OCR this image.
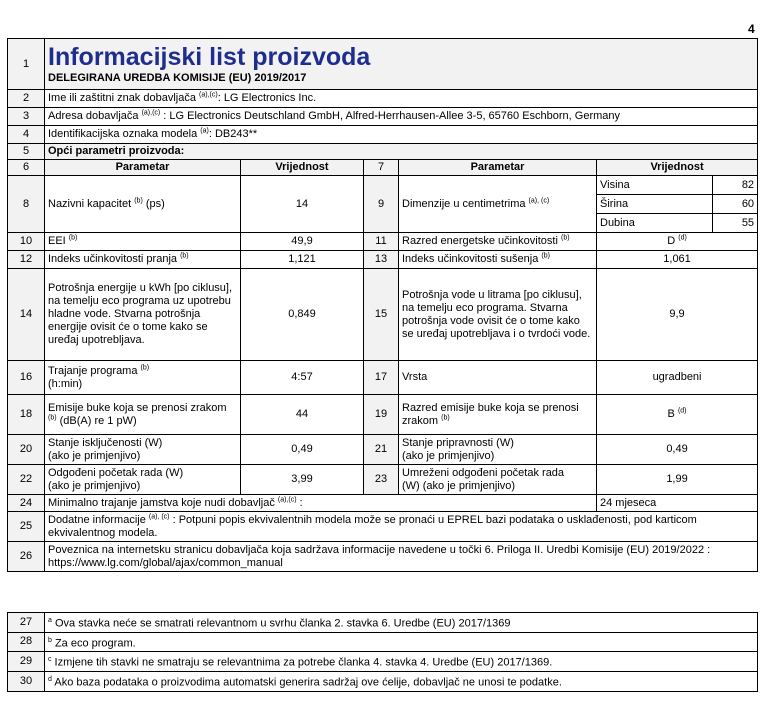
4
1	Informacijski list proizvoda
DELEGIRANA UREDBA KOMISIJE (EU) 2019/2017					

2	Ime ili zaštitni znak dobavljača $^{(a),(c)}$: LG Electronics Inc.					
3	Adresa dobavljača $^{(a),(c)}$ : LG Electronics Deutschland GmbH, Alfred-Herrhausen-Allee 3-5, 65760 Eschborn, Germany					
4	Identifikacijska oznaka modela $^{(a)}$: DB243**					
5	Opći parametri proizvoda:					
6	Parametar	Vrijednost	7	Parametar	Vrijednost	
8	Nazivni kapacitet $^{(b)}$ (ps)	14	9	Dimenzije u centimetrima $^{(a), (c)}$	Visina	82
					Širina	60
					Dubina	55
10	EEI $^{(b)}$	49,9	11	Razred energetske učinkovitosti $^{(b)}$	D $^{(d)}$
12	Indeks učinkovitosti pranja $^{(b)}$	1,121	13	Indeks učinkovitosti sušenja $^{(b)}$	1,061	
14	Potrošnja energije u kWh [po ciklusu], na temelju eco programa uz upotrebu hladne vode. Stvarna potrošnja energije ovisit će o tome kako se uređaj upotrebljava.	0,849	15	Potrošnja vode u litrama [po ciklusu], na temelju eco programa. Stvarna potrošnja vode ovisit će o tome kako se uređaj upotrebljava i o tvrdoći vode.	9,9	
16	Trajanje programa $^{(b)}$
(h:min)	4:57	17	Vrsta	ugradbeni	
18	Emisije buke koja se prenosi zrakom $^{(b)}$ (dB(A) re 1 pW)	44	19	Razred emisije buke koja se prenosi zrakom $^{(b)}$	B $^{(d)}$
20	Stanje isključenosti (W)
(ako je primjenjivo)	0,49	21	Stanje pripravnosti (W)
(ako je primjenjivo)	0,49	
22	Odgođeni početak rada (W)
(ako je primjenjivo)	3,99	23	Umreženi odgođeni početak rada
(W) (ako je primjenjivo)	1,99	
24	Minimalno trajanje jamstva koje nudi dobavljač $^{(a),(c)}$ :				24 mjeseca	
25	Dodatne informacije $^{(a), (c)}$ : Potpuni popis ekvivalentnih modela može se pronaći u EPREL bazi podataka o usklađenosti, pod karticom ekvivalentnog modela.					
26	Poveznica na internetsku stranicu dobavljača koja sadržava informacije navedene u točki 6. Priloga II. Uredbi Komisije (EU) 2019/2022 : https://www.lg.com/global/ajax/common_manual					
27	$^a$ Ova stavka neće se smatrati relevantnom u svrhu članka 2. stavka 6. Uredbe (EU) 2017/1369
28	$^b$ Za eco program.
29	$^c$ Izmjene tih stavki ne smatraju se relevantnima za potrebe članka 4. stavka 4. Uredbe (EU) 2017/1369.
30	$^d$ Ako baza podataka o proizvodima automatski generira sadržaj ove ćelije, dobavljač ne unosi te podatke.
